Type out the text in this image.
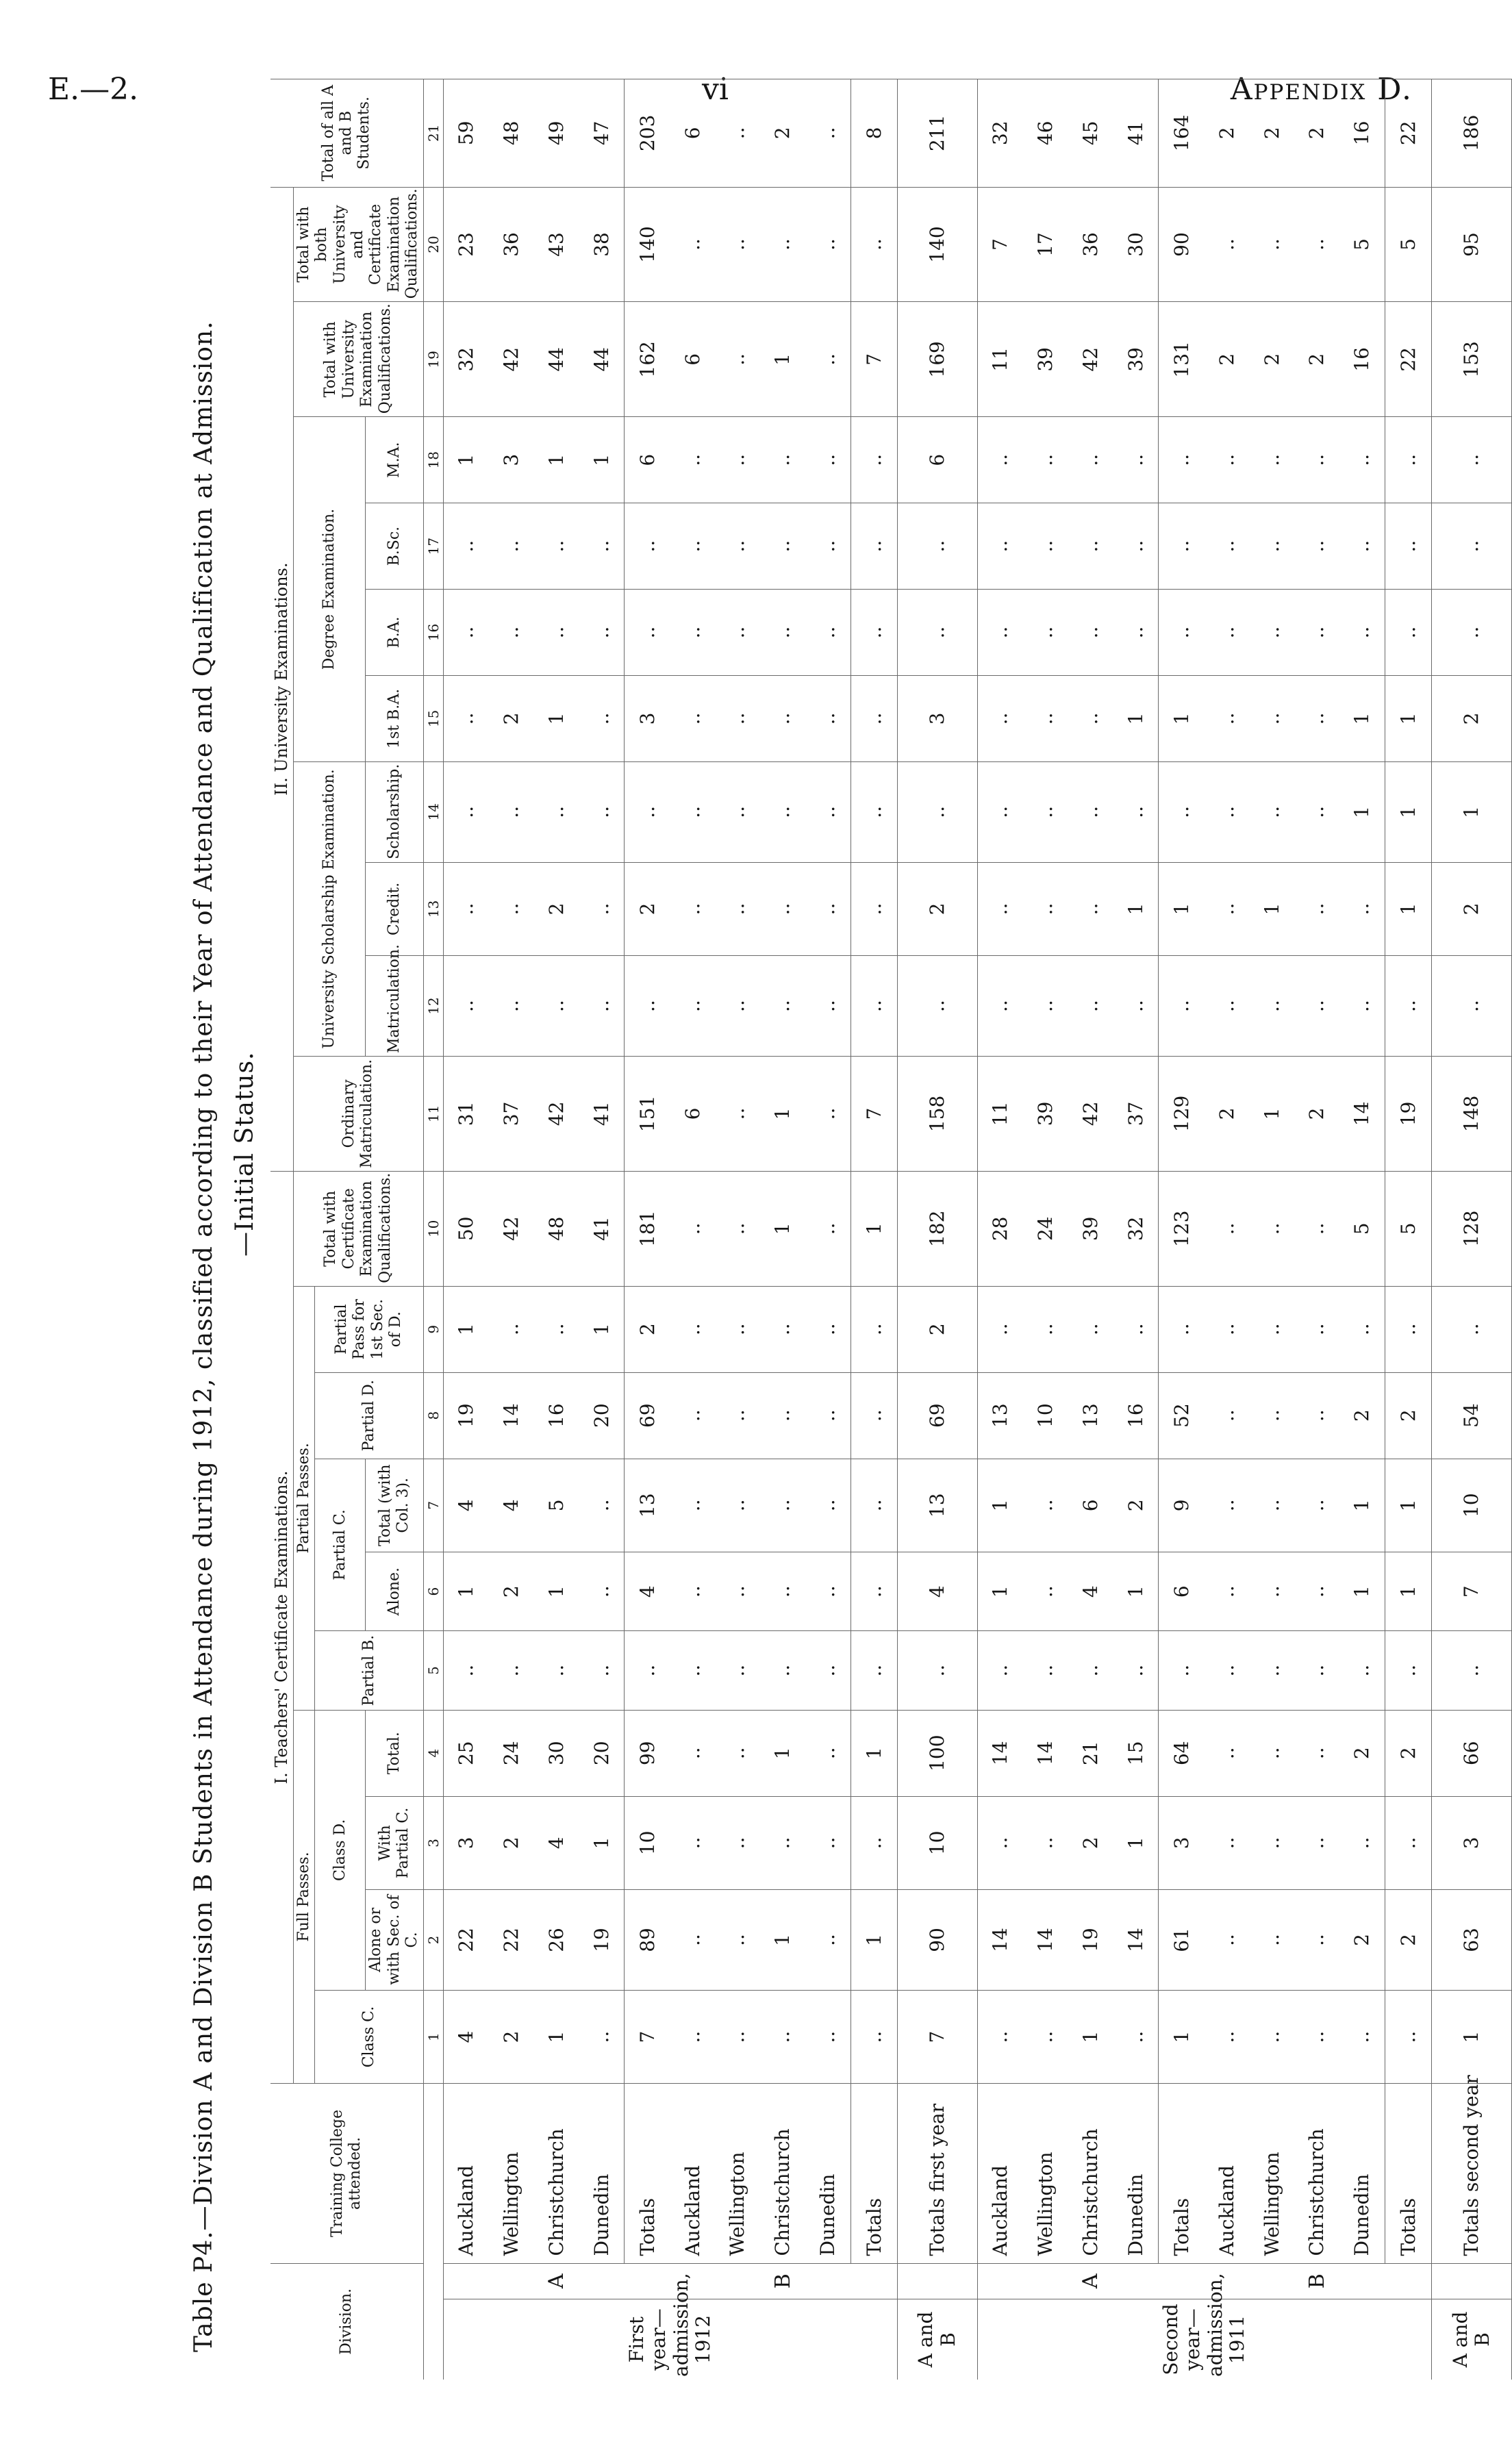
E.—2.	vi	Appendix D.
Table P4.—Division A and Division B Students in Attendance during 1912, classified according to their Year of Attendance and Qualification at Admission. —Initial Status.
Division.		Training College attended.	I. Teachers' Certificate Examinations.										II. University Examinations.										Total of all A and B Students.
			Full Passes.				Partial Passes.					Total with Certificate Examination Qualifications.	Ordinary Matriculation.	University Scholarship Examination.			Degree Examination.				Total with University Examination Qualifications.	Total with both University and Certificate Examination Qualifications.	
			Class C.	Class D.			Partial B.	Partial C.		Partial D.	Partial Pass for 1st Sec. of D.												
				Alone or with Sec. of C.	With Partial C.	Total.		Alone.	Total (with Col. 3).					Matriculation.	Credit.	Scholarship.	1st B.A.	B.A.	B.Sc.	M.A.			
			1	2	3	4	5	6	7	8	9	10	11	12	13	14	15	16	17	18	19	20	21
First year—admission, 1912	A	Auckland	4	22	3	25	..	1	4	19	1	50	31	..	..	..	..	..	..	1	32	23	59
		Wellington	2	22	2	24	..	2	4	14	..	42	37	..	..	..	2	..	..	3	42	36	48
		Christchurch	1	26	4	30	..	1	5	16	..	48	42	..	2	..	1	..	..	1	44	43	49
		Dunedin	..	19	1	20	..	..	..	20	1	41	41	..	..	..	..	..	..	1	44	38	47
		Totals	7	89	10	99	..	4	13	69	2	181	151	..	2	..	3	..	..	6	162	140	203
	B	Auckland	..	..	..	..	..	..	..	..	..	..	6	..	..	..	..	..	..	..	6	..	6
		Wellington	..	..	..	..	..	..	..	..	..	..	..	..	..	..	..	..	..	..	..	..	..
		Christchurch	..	1	..	1	..	..	..	..	..	1	1	..	..	..	..	..	..	..	1	..	2
		Dunedin	..	..	..	..	..	..	..	..	..	..	..	..	..	..	..	..	..	..	..	..	..
		Totals	..	1	..	1	..	..	..	..	..	1	7	..	..	..	..	..	..	..	7	..	8
A and B		Totals first year	7	90	10	100	..	4	13	69	2	182	158	..	2	..	3	..	..	6	169	140	211
Second year—admission, 1911	A	Auckland	..	14	..	14	..	1	1	13	..	28	11	..	..	..	..	..	..	..	11	7	32
		Wellington	..	14	..	14	..	..	..	10	..	24	39	..	..	..	..	..	..	..	39	17	46
		Christchurch	1	19	2	21	..	4	6	13	..	39	42	..	..	..	..	..	..	..	42	36	45
		Dunedin	..	14	1	15	..	1	2	16	..	32	37	..	1	..	1	..	..	..	39	30	41
		Totals	1	61	3	64	..	6	9	52	..	123	129	..	1	..	1	..	..	..	131	90	164
	B	Auckland	..	..	..	..	..	..	..	..	..	..	2	..	..	..	..	..	..	..	2	..	2
		Wellington	..	..	..	..	..	..	..	..	..	..	1	..	1	..	..	..	..	..	2	..	2
		Christchurch	..	..	..	..	..	..	..	..	..	..	2	..	..	..	..	..	..	..	2	..	2
		Dunedin	..	2	..	2	..	1	1	2	..	5	14	..	..	1	1	..	..	..	16	5	16
		Totals	..	2	..	2	..	1	1	2	..	5	19	..	1	1	1	..	..	..	22	5	22
A and B		Totals second year	1	63	3	66	..	7	10	54	..	128	148	..	2	1	2	..	..	..	153	95	186
